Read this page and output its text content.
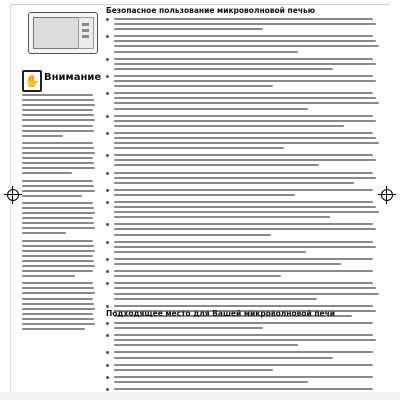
✋ Внимание
Безопасное пользование микроволновой печью
Подходящее место для Вашей микроволновой печи
